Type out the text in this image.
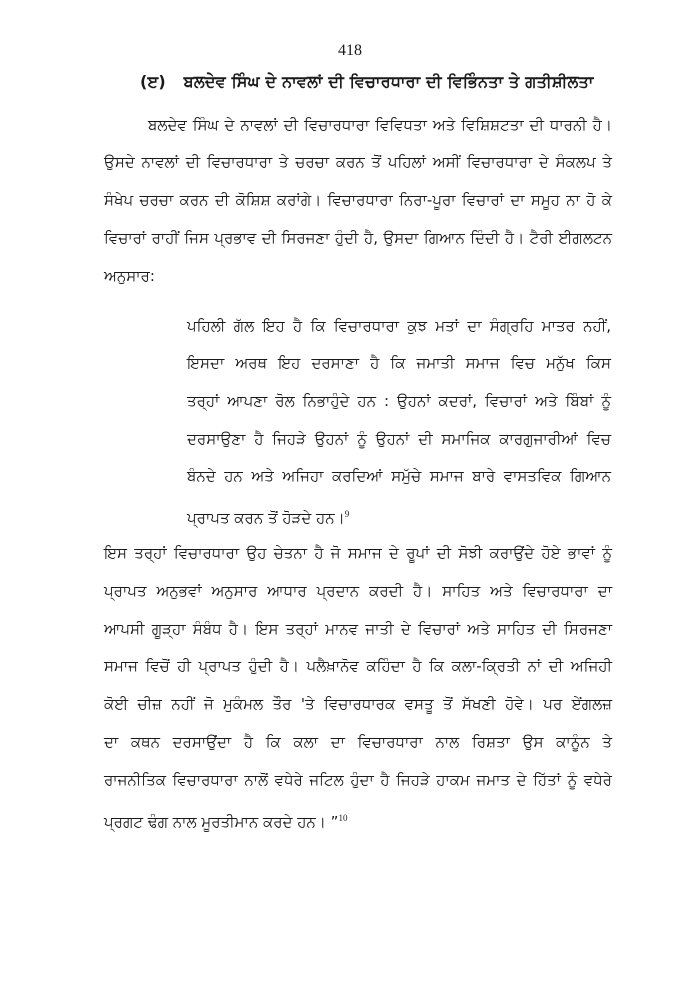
418
(ੲ) ਬਲਦੇਵ ਸਿੰਘ ਦੇ ਨਾਵਲਾਂ ਦੀ ਵਿਚਾਰਧਾਰਾ ਦੀ ਵਿਭਿੰਨਤਾ ਤੇ ਗਤੀਸ਼ੀਲਤਾ
ਬਲਦੇਵ ਸਿੰਘ ਦੇ ਨਾਵਲਾਂ ਦੀ ਵਿਚਾਰਧਾਰਾ ਵਿਵਿਧਤਾ ਅਤੇ ਵਿਸ਼ਿਸ਼ਟਤਾ ਦੀ ਧਾਰਨੀ ਹੈ।
ਉਸਦੇ ਨਾਵਲਾਂ ਦੀ ਵਿਚਾਰਧਾਰਾ ਤੇ ਚਰਚਾ ਕਰਨ ਤੋਂ ਪਹਿਲਾਂ ਅਸੀਂ ਵਿਚਾਰਧਾਰਾ ਦੇ ਸੰਕਲਪ ਤੇ
ਸੰਖੇਪ ਚਰਚਾ ਕਰਨ ਦੀ ਕੋਸ਼ਿਸ਼ ਕਰਾਂਗੇ। ਵਿਚਾਰਧਾਰਾ ਨਿਰਾ-ਪੂਰਾ ਵਿਚਾਰਾਂ ਦਾ ਸਮੂਹ ਨਾ ਹੋ ਕੇ
ਵਿਚਾਰਾਂ ਰਾਹੀਂ ਜਿਸ ਪ੍ਰਭਾਵ ਦੀ ਸਿਰਜਣਾ ਹੁੰਦੀ ਹੈ, ਉਸਦਾ ਗਿਆਨ ਦਿੰਦੀ ਹੈ। ਟੈਰੀ ਈਗਲਟਨ
ਅਨੁਸਾਰ:
ਪਹਿਲੀ ਗੱਲ ਇਹ ਹੈ ਕਿ ਵਿਚਾਰਧਾਰਾ ਕੁਝ ਮਤਾਂ ਦਾ ਸੰਗ੍ਰਹਿ ਮਾਤਰ ਨਹੀਂ,
ਇਸਦਾ ਅਰਥ ਇਹ ਦਰਸਾਣਾ ਹੈ ਕਿ ਜਮਾਤੀ ਸਮਾਜ ਵਿਚ ਮਨੁੱਖ ਕਿਸ
ਤਰ੍ਹਾਂ ਆਪਣਾ ਰੋਲ ਨਿਭਾਹੁੰਦੇ ਹਨ : ਉਹਨਾਂ ਕਦਰਾਂ, ਵਿਚਾਰਾਂ ਅਤੇ ਬਿੰਬਾਂ ਨੂੰ
ਦਰਸਾਉਣਾ ਹੈ ਜਿਹੜੇ ਉਹਨਾਂ ਨੂੰ ਉਹਨਾਂ ਦੀ ਸਮਾਜਿਕ ਕਾਰਗੁਜਾਰੀਆਂ ਵਿਚ
ਬੰਨਦੇ ਹਨ ਅਤੇ ਅਜਿਹਾ ਕਰਦਿਆਂ ਸਮੁੱਚੇ ਸਮਾਜ ਬਾਰੇ ਵਾਸਤਵਿਕ ਗਿਆਨ
ਪ੍ਰਾਪਤ ਕਰਨ ਤੋਂ ਹੋੜਦੇ ਹਨ।$^9$
ਇਸ ਤਰ੍ਹਾਂ ਵਿਚਾਰਧਾਰਾ ਉਹ ਚੇਤਨਾ ਹੈ ਜੋ ਸਮਾਜ ਦੇ ਰੂਪਾਂ ਦੀ ਸੋਝੀ ਕਰਾਉਂਦੇ ਹੋਏ ਭਾਵਾਂ ਨੂੰ
ਪ੍ਰਾਪਤ ਅਨੁਭਵਾਂ ਅਨੁਸਾਰ ਆਧਾਰ ਪ੍ਰਦਾਨ ਕਰਦੀ ਹੈ। ਸਾਹਿਤ ਅਤੇ ਵਿਚਾਰਧਾਰਾ ਦਾ
ਆਪਸੀ ਗੂੜ੍ਹਾ ਸੰਬੰਧ ਹੈ। ਇਸ ਤਰ੍ਹਾਂ ਮਾਨਵ ਜਾਤੀ ਦੇ ਵਿਚਾਰਾਂ ਅਤੇ ਸਾਹਿਤ ਦੀ ਸਿਰਜਣਾ
ਸਮਾਜ ਵਿਚੋਂ ਹੀ ਪ੍ਰਾਪਤ ਹੁੰਦੀ ਹੈ। ਪਲੈਖ਼ਾਨੋਵ ਕਹਿੰਦਾ ਹੈ ਕਿ ਕਲਾ-ਕ੍ਰਿਤੀ ਨਾਂ ਦੀ ਅਜਿਹੀ
ਕੋਈ ਚੀਜ਼ ਨਹੀਂ ਜੋ ਮੁਕੰਮਲ ਤੌਰ 'ਤੇ ਵਿਚਾਰਧਾਰਕ ਵਸਤੂ ਤੋਂ ਸੱਖਣੀ ਹੋਵੇ। ਪਰ ਏਂਗਲਜ਼
ਦਾ ਕਥਨ ਦਰਸਾਉਂਦਾ ਹੈ ਕਿ ਕਲਾ ਦਾ ਵਿਚਾਰਧਾਰਾ ਨਾਲ ਰਿਸ਼ਤਾ ਉਸ ਕਾਨੂੰਨ ਤੇ
ਰਾਜਨੀਤਿਕ ਵਿਚਾਰਧਾਰਾ ਨਾਲੋਂ ਵਧੇਰੇ ਜਟਿਲ ਹੁੰਦਾ ਹੈ ਜਿਹੜੇ ਹਾਕਮ ਜਮਾਤ ਦੇ ਹਿੱਤਾਂ ਨੂੰ ਵਧੇਰੇ
ਪ੍ਰਗਟ ਢੰਗ ਨਾਲ ਮੂਰਤੀਮਾਨ ਕਰਦੇ ਹਨ। ”$^{10}$
